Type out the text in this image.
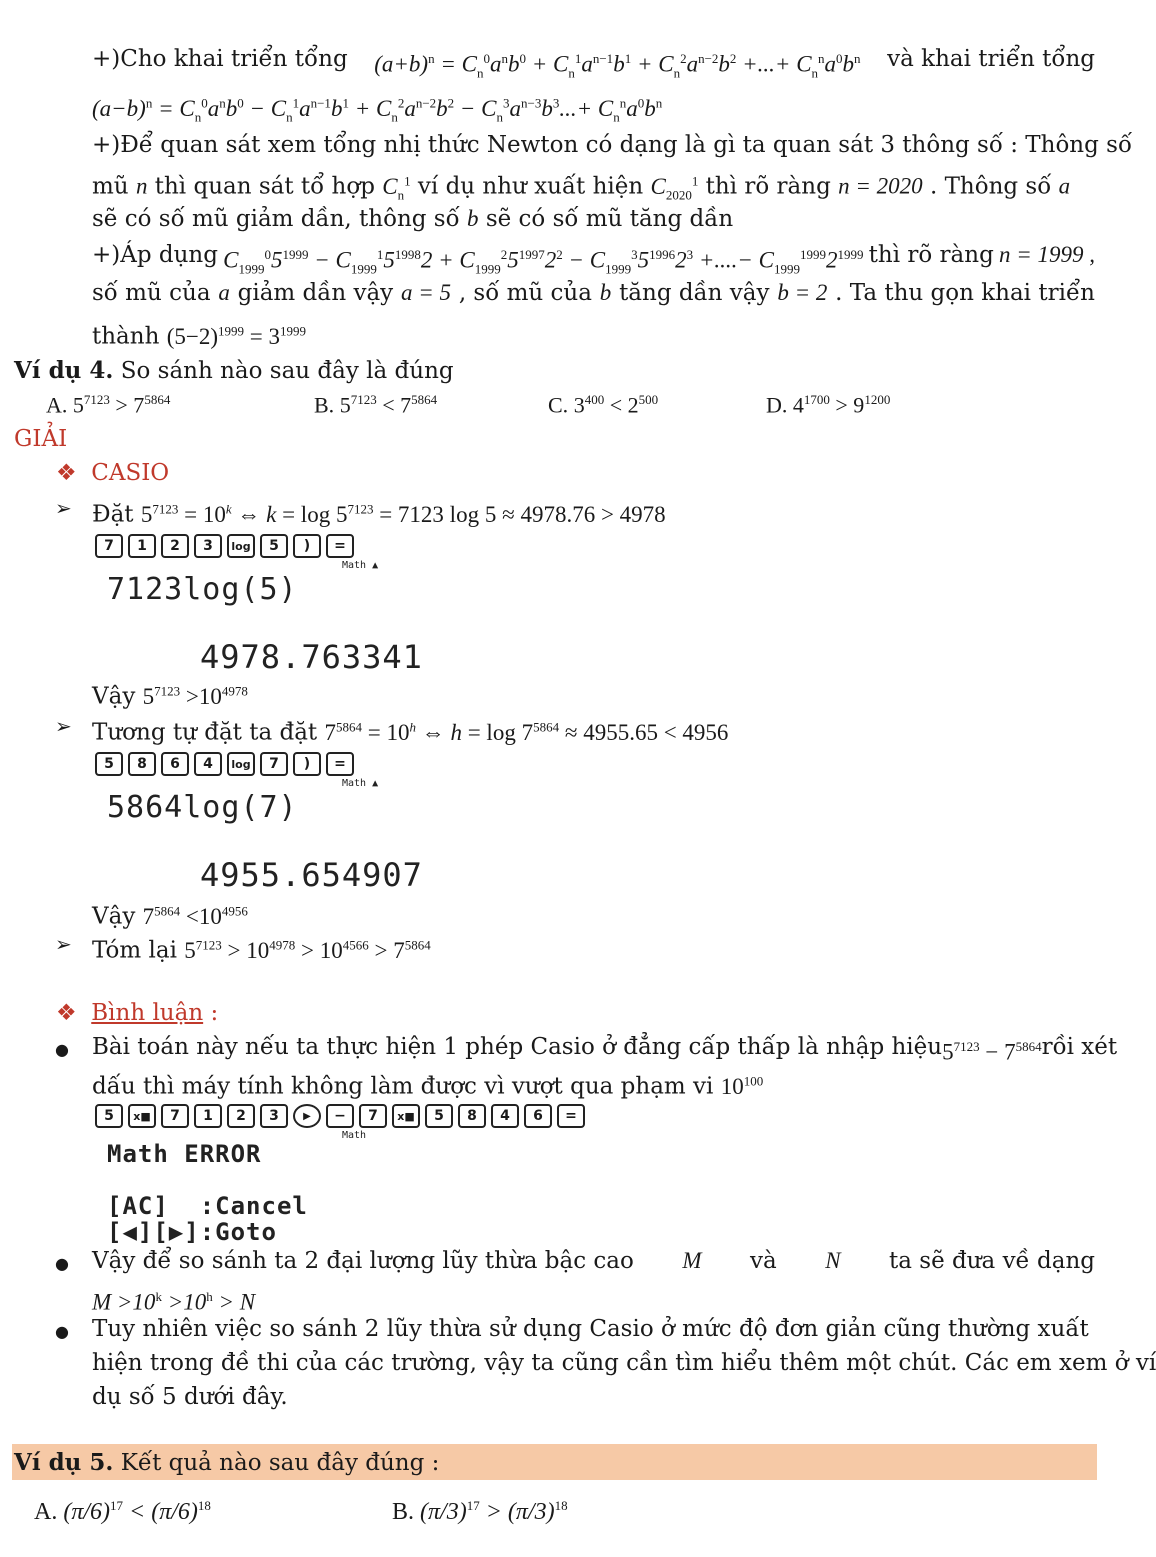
+)Cho khai triển tổng $(a+b)^n = C_n^0a^nb^0 + C_n^1a^{n-1}b^1 + C_n^2a^{n-2}b^2$ +...+ $C_n^na^0b^n$ và khai triển tổng
$(a-b)^n = C_n^0a^nb^0 - C_n^1a^{n-1}b^1 + C_n^2a^{n-2}b^2 - C_n^3a^{n-3}b^3...+ C_n^na^0b^n$
+)Để quan sát xem tổng nhị thức Newton có dạng là gì ta quan sát 3 thông số : Thông số
mũ n thì quan sát tổ hợp $C_n^1$ ví dụ như xuất hiện $C_{2020}^1$ thì rõ ràng n = 2020 . Thông số a
sẽ có số mũ giảm dần, thông số b sẽ có số mũ tăng dần
+)Áp dụng $C_{1999}^05^{1999} - C_{1999}^15^{1998}2 + C_{1999}^25^{1997}2^2 - C_{1999}^35^{1996}2^3$ +....− $C_{1999}^{1999}2^{1999}$ thì rõ ràng n = 1999 ,
số mũ của a giảm dần vậy a = 5 , số mũ của b tăng dần vậy b = 2 . Ta thu gọn khai triển
thành $(5-2)^{1999} = 3^{1999}$
Ví dụ 4. So sánh nào sau đây là đúng
A. $5^{7123} > 7^{5864}$	B. $5^{7123} < 7^{5864}$	C. $3^{400} < 2^{500}$	D. $4^{1700} > 9^{1200}$
GIẢI
❖ CASIO
➢ Đặt $5^{7123} = 10^k$ ⇔ $k = \log 5^{7123} = 7123$ log 5 ≈ 4978.76 > 4978
7	1	2	3	log	5	)	=
Math ▲
7123log(5)
4978.763341
Vậy $5^{7123} >10^{4978}$
➢ Tương tự đặt ta đặt $7^{5864} = 10^h$ ⇔ $h = \log 7^{5864} \approx 4955.65 < 4956$
5	8	6	4	log	7	)	=
Math ▲
5864log(7)
4955.654907
Vậy $7^{5864} <10^{4956}$
➢ Tóm lại $5^{7123} > 10^{4978} > 10^{4566} > 7^{5864}$
❖ Bình luận :
● Bài toán này nếu ta thực hiện 1 phép Casio ở đẳng cấp thấp là nhập hiệu $5^{7123} - 7^{5864}$ rồi xét
dấu thì máy tính không làm được vì vượt qua phạm vi $10^{100}$
5	x■	7	1	2	3	▶	−	7	x■	5	8	4	6	=
Math
Math ERROR
[AC]  :Cancel
[◀][▶]:Goto
● Vậy để so sánh ta 2 đại lượng lũy thừa bậc cao M và N ta sẽ đưa về dạng
$M >10^k >10^h > N$
● Tuy nhiên việc so sánh 2 lũy thừa sử dụng Casio ở mức độ đơn giản cũng thường xuất
hiện trong đề thi của các trường, vậy ta cũng cần tìm hiểu thêm một chút. Các em xem ở ví
dụ số 5 dưới đây.
Ví dụ 5. Kết quả nào sau đây đúng :
A. $(\pi/6)^{17} < (\pi/6)^{18}$	B. $(\pi/3)^{17} > (\pi/3)^{18}$
